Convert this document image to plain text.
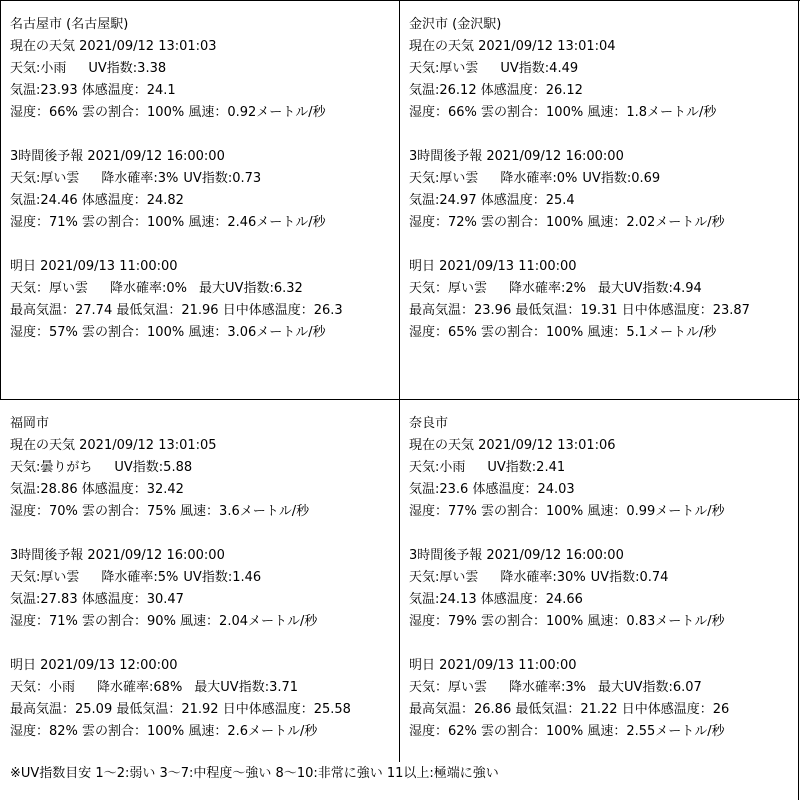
名古屋市 (名古屋駅)
現在の天気 2021/09/12 13:01:03
天気:小雨 UV指数:3.38
気温:23.93 体感温度：24.1
湿度：66% 雲の割合：100% 風速：0.92メートル/秒
3時間後予報 2021/09/12 16:00:00
天気:厚い雲 降水確率:3% UV指数:0.73
気温:24.46 体感温度：24.82
湿度：71% 雲の割合：100% 風速：2.46メートル/秒
明日 2021/09/13 11:00:00
天気：厚い雲 降水確率:0% 最大UV指数:6.32
最高気温：27.74 最低気温：21.96 日中体感温度：26.3
湿度：57% 雲の割合：100% 風速：3.06メートル/秒
金沢市 (金沢駅)
現在の天気 2021/09/12 13:01:04
天気:厚い雲 UV指数:4.49
気温:26.12 体感温度：26.12
湿度：66% 雲の割合：100% 風速：1.8メートル/秒
3時間後予報 2021/09/12 16:00:00
天気:厚い雲 降水確率:0% UV指数:0.69
気温:24.97 体感温度：25.4
湿度：72% 雲の割合：100% 風速：2.02メートル/秒
明日 2021/09/13 11:00:00
天気：厚い雲 降水確率:2% 最大UV指数:4.94
最高気温：23.96 最低気温：19.31 日中体感温度：23.87
湿度：65% 雲の割合：100% 風速：5.1メートル/秒
福岡市
現在の天気 2021/09/12 13:01:05
天気:曇りがち UV指数:5.88
気温:28.86 体感温度：32.42
湿度：70% 雲の割合：75% 風速：3.6メートル/秒
3時間後予報 2021/09/12 16:00:00
天気:厚い雲 降水確率:5% UV指数:1.46
気温:27.83 体感温度：30.47
湿度：71% 雲の割合：90% 風速：2.04メートル/秒
明日 2021/09/13 12:00:00
天気：小雨 降水確率:68% 最大UV指数:3.71
最高気温：25.09 最低気温：21.92 日中体感温度：25.58
湿度：82% 雲の割合：100% 風速：2.6メートル/秒
奈良市
現在の天気 2021/09/12 13:01:06
天気:小雨 UV指数:2.41
気温:23.6 体感温度：24.03
湿度：77% 雲の割合：100% 風速：0.99メートル/秒
3時間後予報 2021/09/12 16:00:00
天気:厚い雲 降水確率:30% UV指数:0.74
気温:24.13 体感温度：24.66
湿度：79% 雲の割合：100% 風速：0.83メートル/秒
明日 2021/09/13 11:00:00
天気：厚い雲 降水確率:3% 最大UV指数:6.07
最高気温：26.86 最低気温：21.22 日中体感温度：26
湿度：62% 雲の割合：100% 風速：2.55メートル/秒
※UV指数目安 1～2:弱い 3～7:中程度～強い 8～10:非常に強い 11以上:極端に強い
